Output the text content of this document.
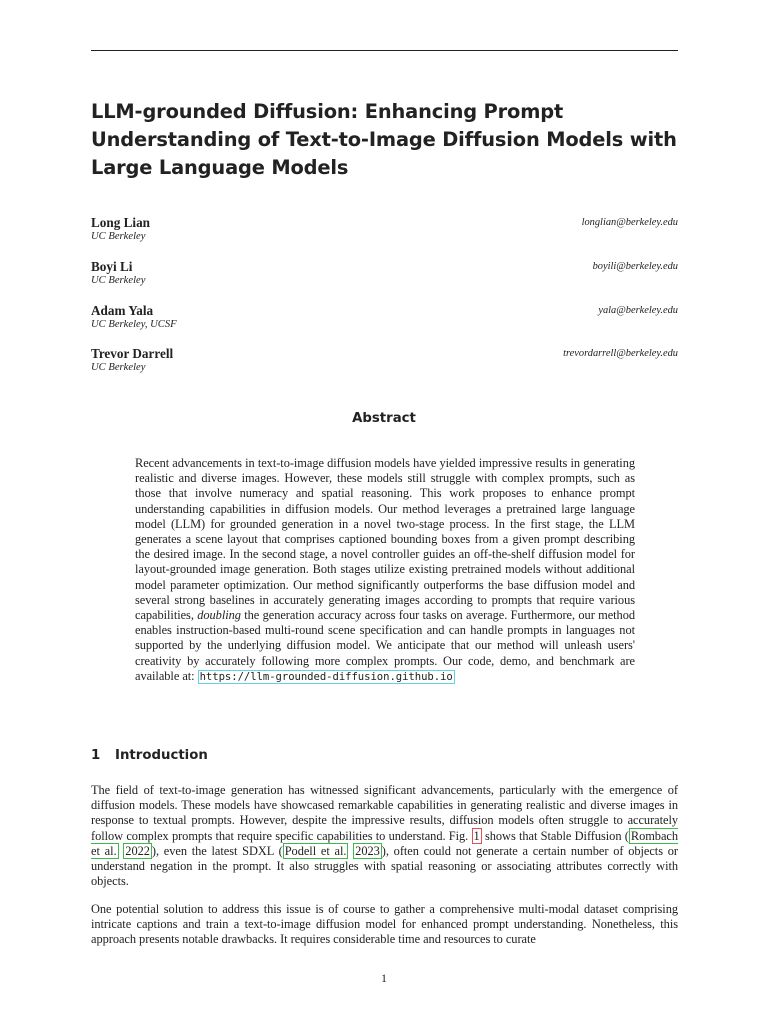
LLM-grounded Diffusion: Enhancing Prompt Understanding of Text-to-Image Diffusion Models with Large Language Models
Long Lian
UC Berkeley
longlian@berkeley.edu
Boyi Li
UC Berkeley
boyili@berkeley.edu
Adam Yala
UC Berkeley, UCSF
yala@berkeley.edu
Trevor Darrell
UC Berkeley
trevordarrell@berkeley.edu
Abstract

Recent advancements in text-to-image diffusion models have yielded impressive results in generating realistic and diverse images. However, these models still struggle with complex prompts, such as those that involve numeracy and spatial reasoning. This work proposes to enhance prompt understanding capabilities in diffusion models. Our method leverages a pretrained large language model (LLM) for grounded generation in a novel two-stage process. In the first stage, the LLM generates a scene layout that comprises captioned bounding boxes from a given prompt describing the desired image. In the second stage, a novel controller guides an off-the-shelf diffusion model for layout-grounded image generation. Both stages utilize existing pretrained models without additional model parameter optimization. Our method significantly outperforms the base diffusion model and several strong baselines in accurately generating images according to prompts that require various capabilities, doubling the generation accuracy across four tasks on average. Furthermore, our method enables instruction-based multi-round scene specification and can handle prompts in languages not supported by the underlying diffusion model. We anticipate that our method will unleash users' creativity by accurately following more complex prompts. Our code, demo, and benchmark are available at: https://llm-grounded-diffusion.github.io

1 Introduction

The field of text-to-image generation has witnessed significant advancements, particularly with the emergence of diffusion models. These models have showcased remarkable capabilities in generating realistic and diverse images in response to textual prompts. However, despite the impressive results, diffusion models often struggle to accurately follow complex prompts that require specific capabilities to understand. Fig. 1 shows that Stable Diffusion ( Rombach et al. 2022 ), even the latest SDXL ( Podell et al. 2023 ), often could not generate a certain number of objects or understand negation in the prompt. It also struggles with spatial reasoning or associating attributes correctly with objects.

One potential solution to address this issue is of course to gather a comprehensive multi-modal dataset comprising intricate captions and train a text-to-image diffusion model for enhanced prompt understanding. Nonetheless, this approach presents notable drawbacks. It requires considerable time and resources to curate

1
